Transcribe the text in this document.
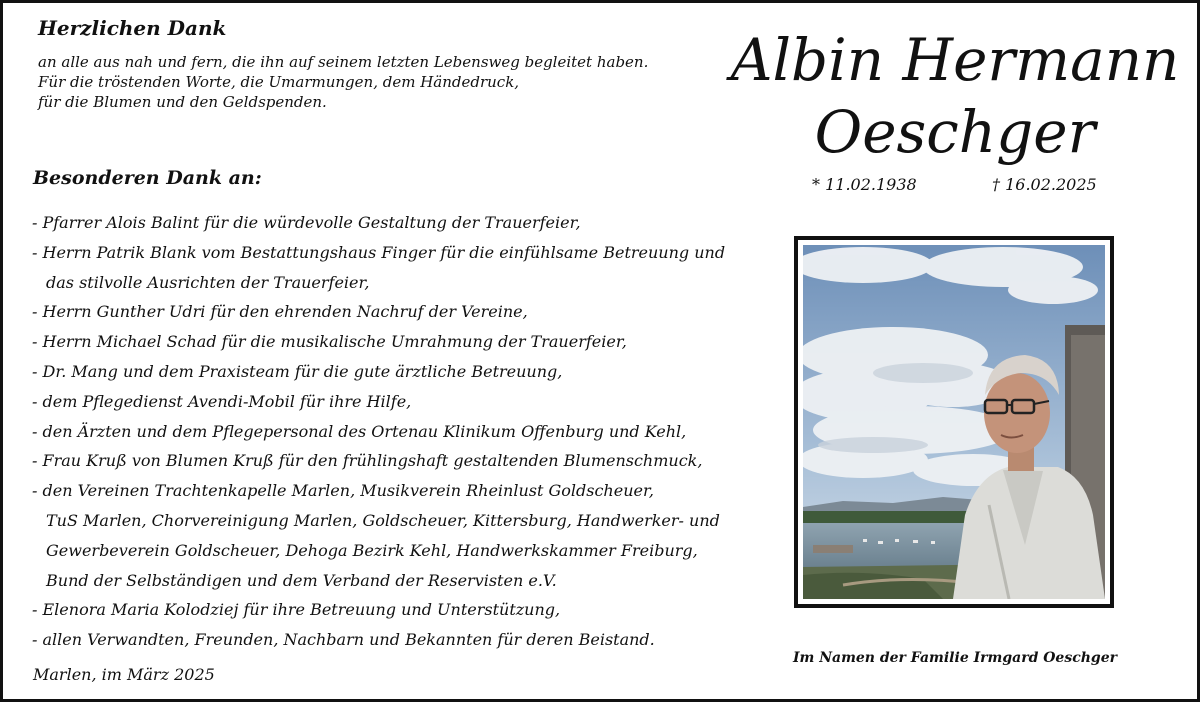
Herzlichen Dank
an alle aus nah und fern, die ihn auf seinem letzten Lebensweg begleitet haben.
Für die tröstenden Worte, die Umarmungen, dem Händedruck,
für die Blumen und den Geldspenden.
Besonderen Dank an:
- Pfarrer Alois Balint für die würdevolle Gestaltung der Trauerfeier,
- Herrn Patrik Blank vom Bestattungshaus Finger für die einfühlsame Betreuung und
das stilvolle Ausrichten der Trauerfeier,
- Herrn Gunther Udri für den ehrenden Nachruf der Vereine,
- Herrn Michael Schad für die musikalische Umrahmung der Trauerfeier,
- Dr. Mang und dem Praxisteam für die gute ärztliche Betreuung,
- dem Pflegedienst Avendi-Mobil für ihre Hilfe,
- den Ärzten und dem Pflegepersonal des Ortenau Klinikum Offenburg und Kehl,
- Frau Kruß von Blumen Kruß für den frühlingshaft gestaltenden Blumenschmuck,
- den Vereinen Trachtenkapelle Marlen, Musikverein Rheinlust Goldscheuer,
TuS Marlen, Chorvereinigung Marlen, Goldscheuer, Kittersburg, Handwerker- und
Gewerbeverein Goldscheuer, Dehoga Bezirk Kehl, Handwerkskammer Freiburg,
Bund der Selbständigen und dem Verband der Reservisten e.V.
- Elenora Maria Kolodziej für ihre Betreuung und Unterstützung,
- allen Verwandten, Freunden, Nachbarn und Bekannten für deren Beistand.
Marlen, im März 2025
Albin Hermann
Oeschger
* 11.02.1938	† 16.02.2025
Im Namen der Familie Irmgard Oeschger
